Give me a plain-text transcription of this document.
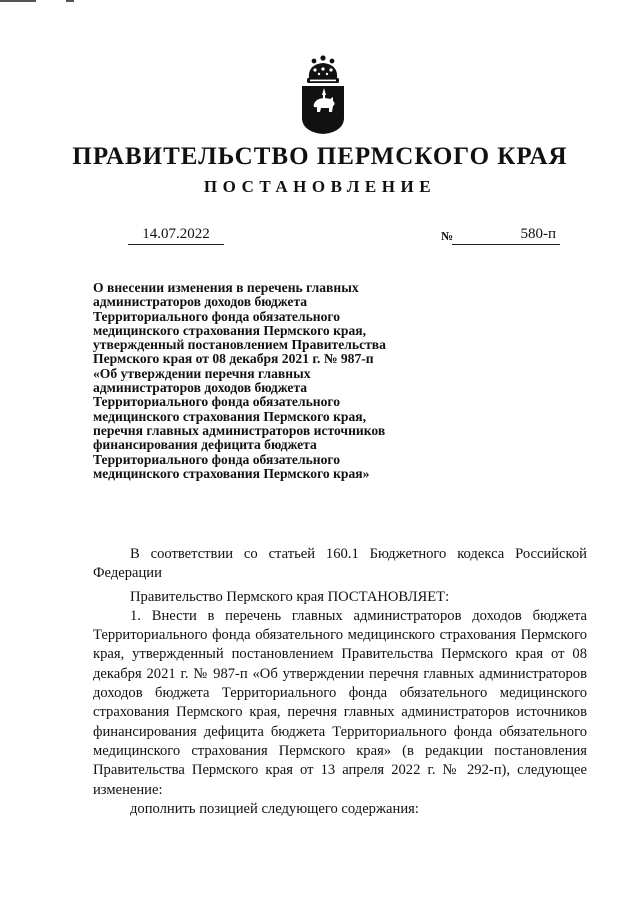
ПРАВИТЕЛЬСТВО ПЕРМСКОГО КРАЯ
ПОСТАНОВЛЕНИЕ
14.07.2022	№	580-п
О внесении изменения в перечень главных
администраторов доходов бюджета
Территориального фонда обязательного
медицинского страхования Пермского края,
утвержденный постановлением Правительства
Пермского края от 08 декабря 2021 г. № 987-п
«Об утверждении перечня главных
администраторов доходов бюджета
Территориального фонда обязательного
медицинского страхования Пермского края,
перечня главных администраторов источников
финансирования дефицита бюджета
Территориального фонда обязательного
медицинского страхования Пермского края»

В соответствии со статьей 160.1 Бюджетного кодекса Российской Федерации

Правительство Пермского края ПОСТАНОВЛЯЕТ:

1. Внести в перечень главных администраторов доходов бюджета Территориального фонда обязательного медицинского страхования Пермского края, утвержденный постановлением Правительства Пермского края от 08 декабря 2021 г. № 987-п «Об утверждении перечня главных администраторов доходов бюджета Территориального фонда обязательного медицинского страхования Пермского края, перечня главных администраторов источников финансирования дефицита бюджета Территориального фонда обязательного медицинского страхования Пермского края» (в редакции постановления Правительства Пермского края от 13 апреля 2022 г. № 292-п), следующее изменение:

дополнить позицией следующего содержания:
